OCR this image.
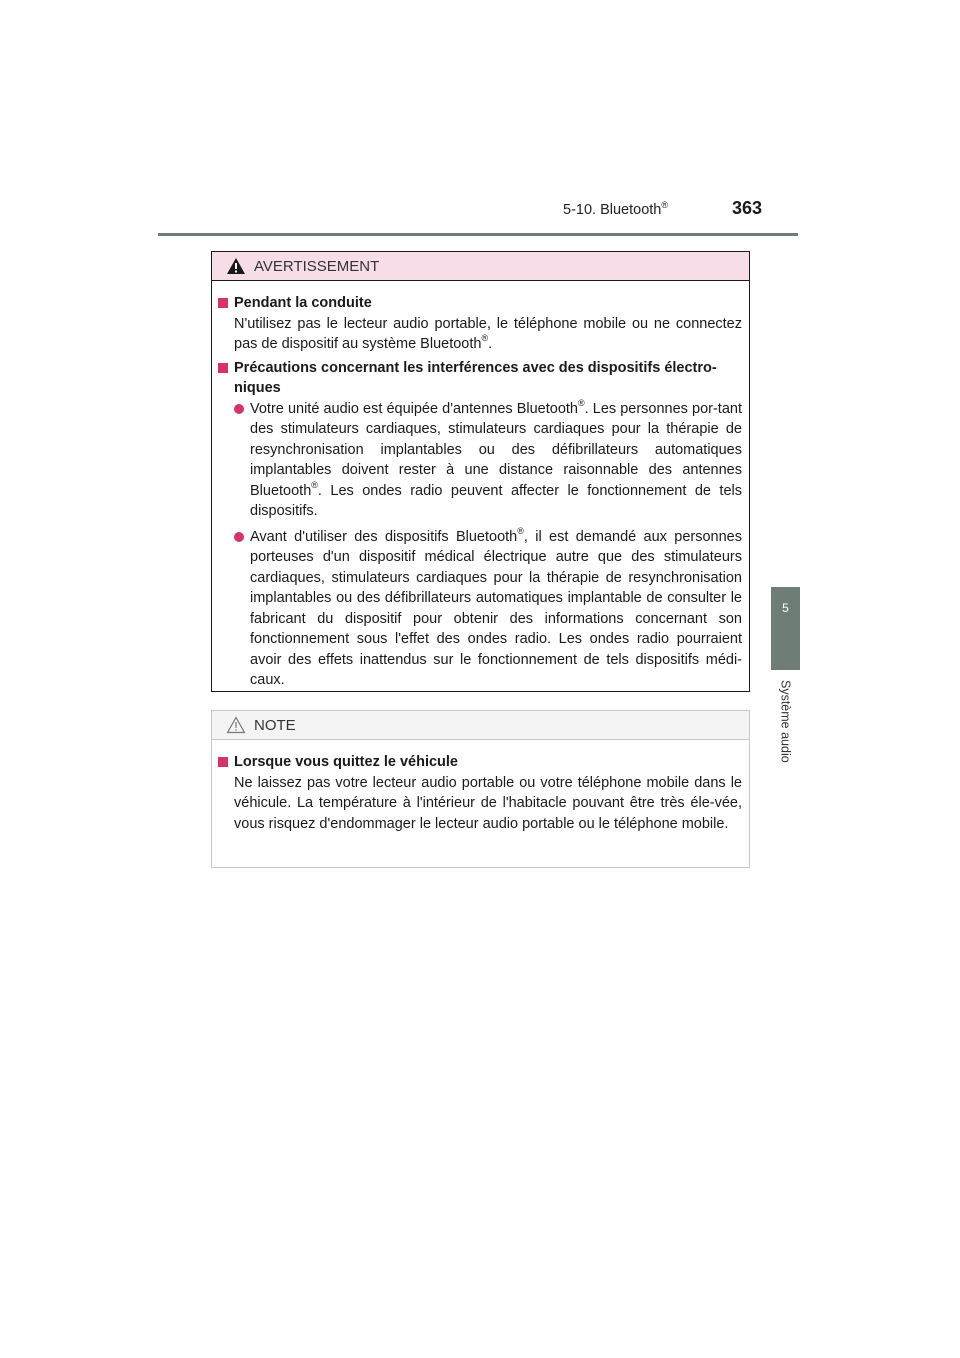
5-10. Bluetooth®	363
5
Système audio
AVERTISSEMENT
Pendant la conduite
N'utilisez pas le lecteur audio portable, le téléphone mobile ou ne connectez pas de dispositif au système Bluetooth®.
Précautions concernant les interférences avec des dispositifs électro-niques
Votre unité audio est équipée d'antennes Bluetooth®. Les personnes por-tant des stimulateurs cardiaques, stimulateurs cardiaques pour la thérapie de resynchronisation implantables ou des défibrillateurs automatiques implantables doivent rester à une distance raisonnable des antennes Bluetooth®. Les ondes radio peuvent affecter le fonctionnement de tels dispositifs.
Avant d'utiliser des dispositifs Bluetooth®, il est demandé aux personnes porteuses d'un dispositif médical électrique autre que des stimulateurs cardiaques, stimulateurs cardiaques pour la thérapie de resynchronisation implantables ou des défibrillateurs automatiques implantable de consulter le fabricant du dispositif pour obtenir des informations concernant son fonctionnement sous l'effet des ondes radio. Les ondes radio pourraient avoir des effets inattendus sur le fonctionnement de tels dispositifs médi-caux.
NOTE
Lorsque vous quittez le véhicule
Ne laissez pas votre lecteur audio portable ou votre téléphone mobile dans le véhicule. La température à l'intérieur de l'habitacle pouvant être très éle-vée, vous risquez d'endommager le lecteur audio portable ou le téléphone mobile.
